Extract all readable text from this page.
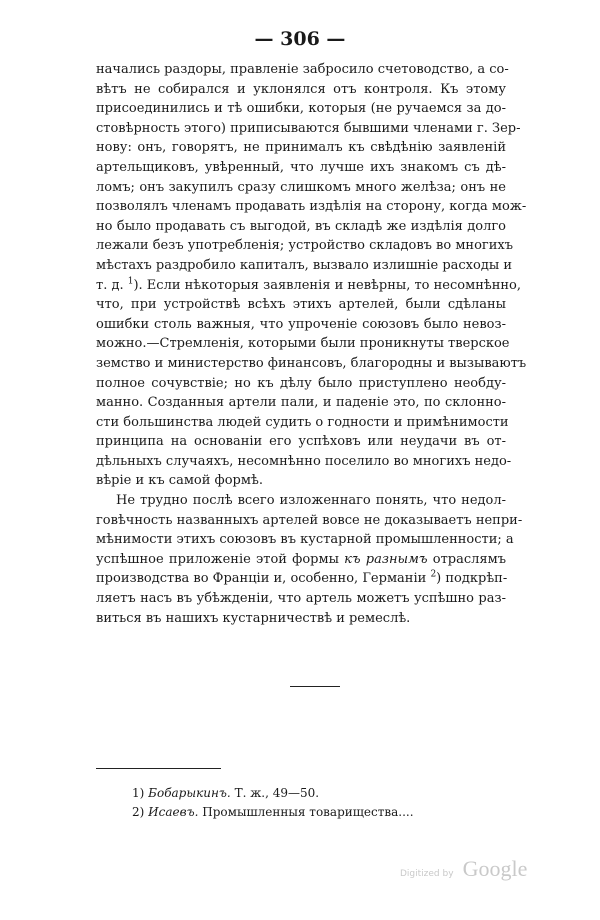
— 306 —
начались раздоры, правленіе забросило счетоводство, а со-
вѣтъ не собирался и уклонялся отъ контроля. Къ этому
присоединились и тѣ ошибки, которыя (не ручаемся за до-
стовѣрность этого) приписываются бывшими членами г. Зер-
нову: онъ, говорятъ, не принималъ къ свѣдѣнію заявленій
артельщиковъ, увѣренный, что лучше ихъ знакомъ съ дѣ-
ломъ; онъ закупилъ сразу слишкомъ много желѣза; онъ не
позволялъ членамъ продавать издѣлія на сторону, когда мож-
но было продавать съ выгодой, въ складѣ же издѣлія долго
лежали безъ употребленія; устройство складовъ во многихъ
мѣстахъ раздробило капиталъ, вызвало излишніе расходы и
т. д. $^1$). Если нѣкоторыя заявленія и невѣрны, то несомнѣнно,
что, при устройствѣ всѣхъ этихъ артелей, были сдѣланы
ошибки столь важныя, что упроченіе союзовъ было невоз-
можно.—Стремленія, которыми были проникнуты тверское
земство и министерство финансовъ, благородны и вызываютъ
полное сочувствіе; но къ дѣлу было приступлено необду-
манно. Созданныя артели пали, и паденіе это, по склонно-
сти большинства людей судить о годности и примѣнимости
принципа на основаніи его успѣховъ или неудачи въ от-
дѣльныхъ случаяхъ, несомнѣнно поселило во многихъ недо-
вѣріе и къ самой формѣ.
Не трудно послѣ всего изложеннаго понять, что недол-
говѣчность названныхъ артелей вовсе не доказываетъ непри-
мѣнимости этихъ союзовъ въ кустарной промышленности; а
успѣшное приложеніе этой формы къ разнымъ отраслямъ
производства во Франціи и, особенно, Германіи $^2$) подкрѣп-
ляетъ насъ въ убѣжденіи, что артель можетъ успѣшно раз-
виться въ нашихъ кустарничествѣ и ремеслѣ.
1) Бобарыкинъ. Т. ж., 49—50.
2) Исаевъ. Промышленныя товарищества....
Digitized by Google
